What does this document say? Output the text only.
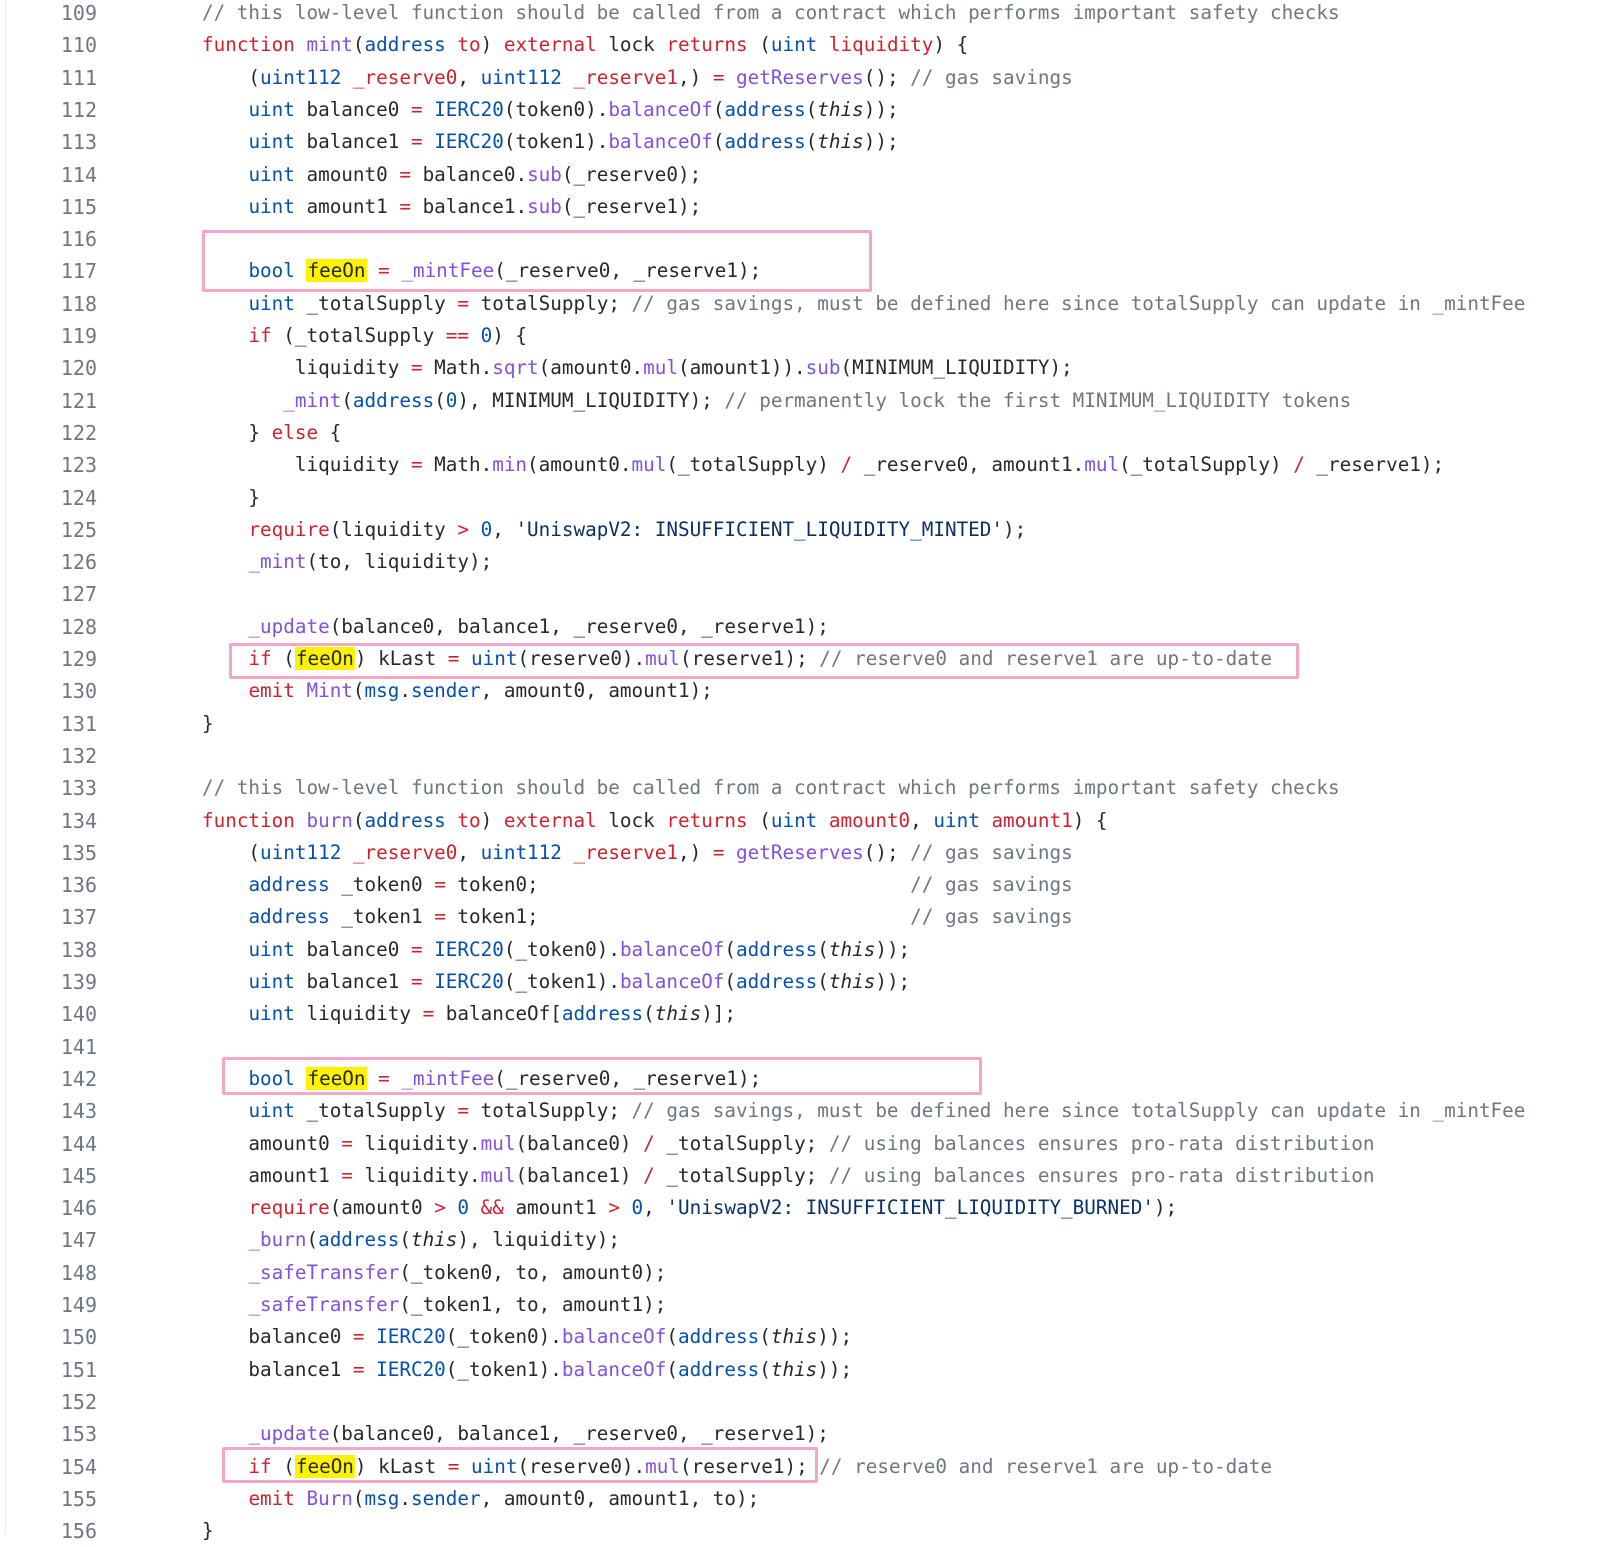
109	// this low-level function should be called from a contract which performs important safety checks
110	function mint(address to) external lock returns (uint liquidity) {
111	(uint112 _reserve0, uint112 _reserve1,) = getReserves(); // gas savings
112	uint balance0 = IERC20(token0).balanceOf(address(this));
113	uint balance1 = IERC20(token1).balanceOf(address(this));
114	uint amount0 = balance0.sub(_reserve0);
115	uint amount1 = balance1.sub(_reserve1);
116
117	bool feeOn = _mintFee(_reserve0, _reserve1);
118	uint _totalSupply = totalSupply; // gas savings, must be defined here since totalSupply can update in _mintFee
119	if (_totalSupply == 0) {
120	liquidity = Math.sqrt(amount0.mul(amount1)).sub(MINIMUM_LIQUIDITY);
121	_mint(address(0), MINIMUM_LIQUIDITY); // permanently lock the first MINIMUM_LIQUIDITY tokens
122	} else {
123	liquidity = Math.min(amount0.mul(_totalSupply) / _reserve0, amount1.mul(_totalSupply) / _reserve1);
124	}
125	require(liquidity > 0, 'UniswapV2: INSUFFICIENT_LIQUIDITY_MINTED');
126	_mint(to, liquidity);
127
128	_update(balance0, balance1, _reserve0, _reserve1);
129	if (feeOn) kLast = uint(reserve0).mul(reserve1); // reserve0 and reserve1 are up-to-date
130	emit Mint(msg.sender, amount0, amount1);
131	}
132
133	// this low-level function should be called from a contract which performs important safety checks
134	function burn(address to) external lock returns (uint amount0, uint amount1) {
135	(uint112 _reserve0, uint112 _reserve1,) = getReserves(); // gas savings
136	address _token0 = token0;                                // gas savings
137	address _token1 = token1;                                // gas savings
138	uint balance0 = IERC20(_token0).balanceOf(address(this));
139	uint balance1 = IERC20(_token1).balanceOf(address(this));
140	uint liquidity = balanceOf[address(this)];
141
142	bool feeOn = _mintFee(_reserve0, _reserve1);
143	uint _totalSupply = totalSupply; // gas savings, must be defined here since totalSupply can update in _mintFee
144	amount0 = liquidity.mul(balance0) / _totalSupply; // using balances ensures pro-rata distribution
145	amount1 = liquidity.mul(balance1) / _totalSupply; // using balances ensures pro-rata distribution
146	require(amount0 > 0 && amount1 > 0, 'UniswapV2: INSUFFICIENT_LIQUIDITY_BURNED');
147	_burn(address(this), liquidity);
148	_safeTransfer(_token0, to, amount0);
149	_safeTransfer(_token1, to, amount1);
150	balance0 = IERC20(_token0).balanceOf(address(this));
151	balance1 = IERC20(_token1).balanceOf(address(this));
152
153	_update(balance0, balance1, _reserve0, _reserve1);
154	if (feeOn) kLast = uint(reserve0).mul(reserve1); // reserve0 and reserve1 are up-to-date
155	emit Burn(msg.sender, amount0, amount1, to);
156	}
